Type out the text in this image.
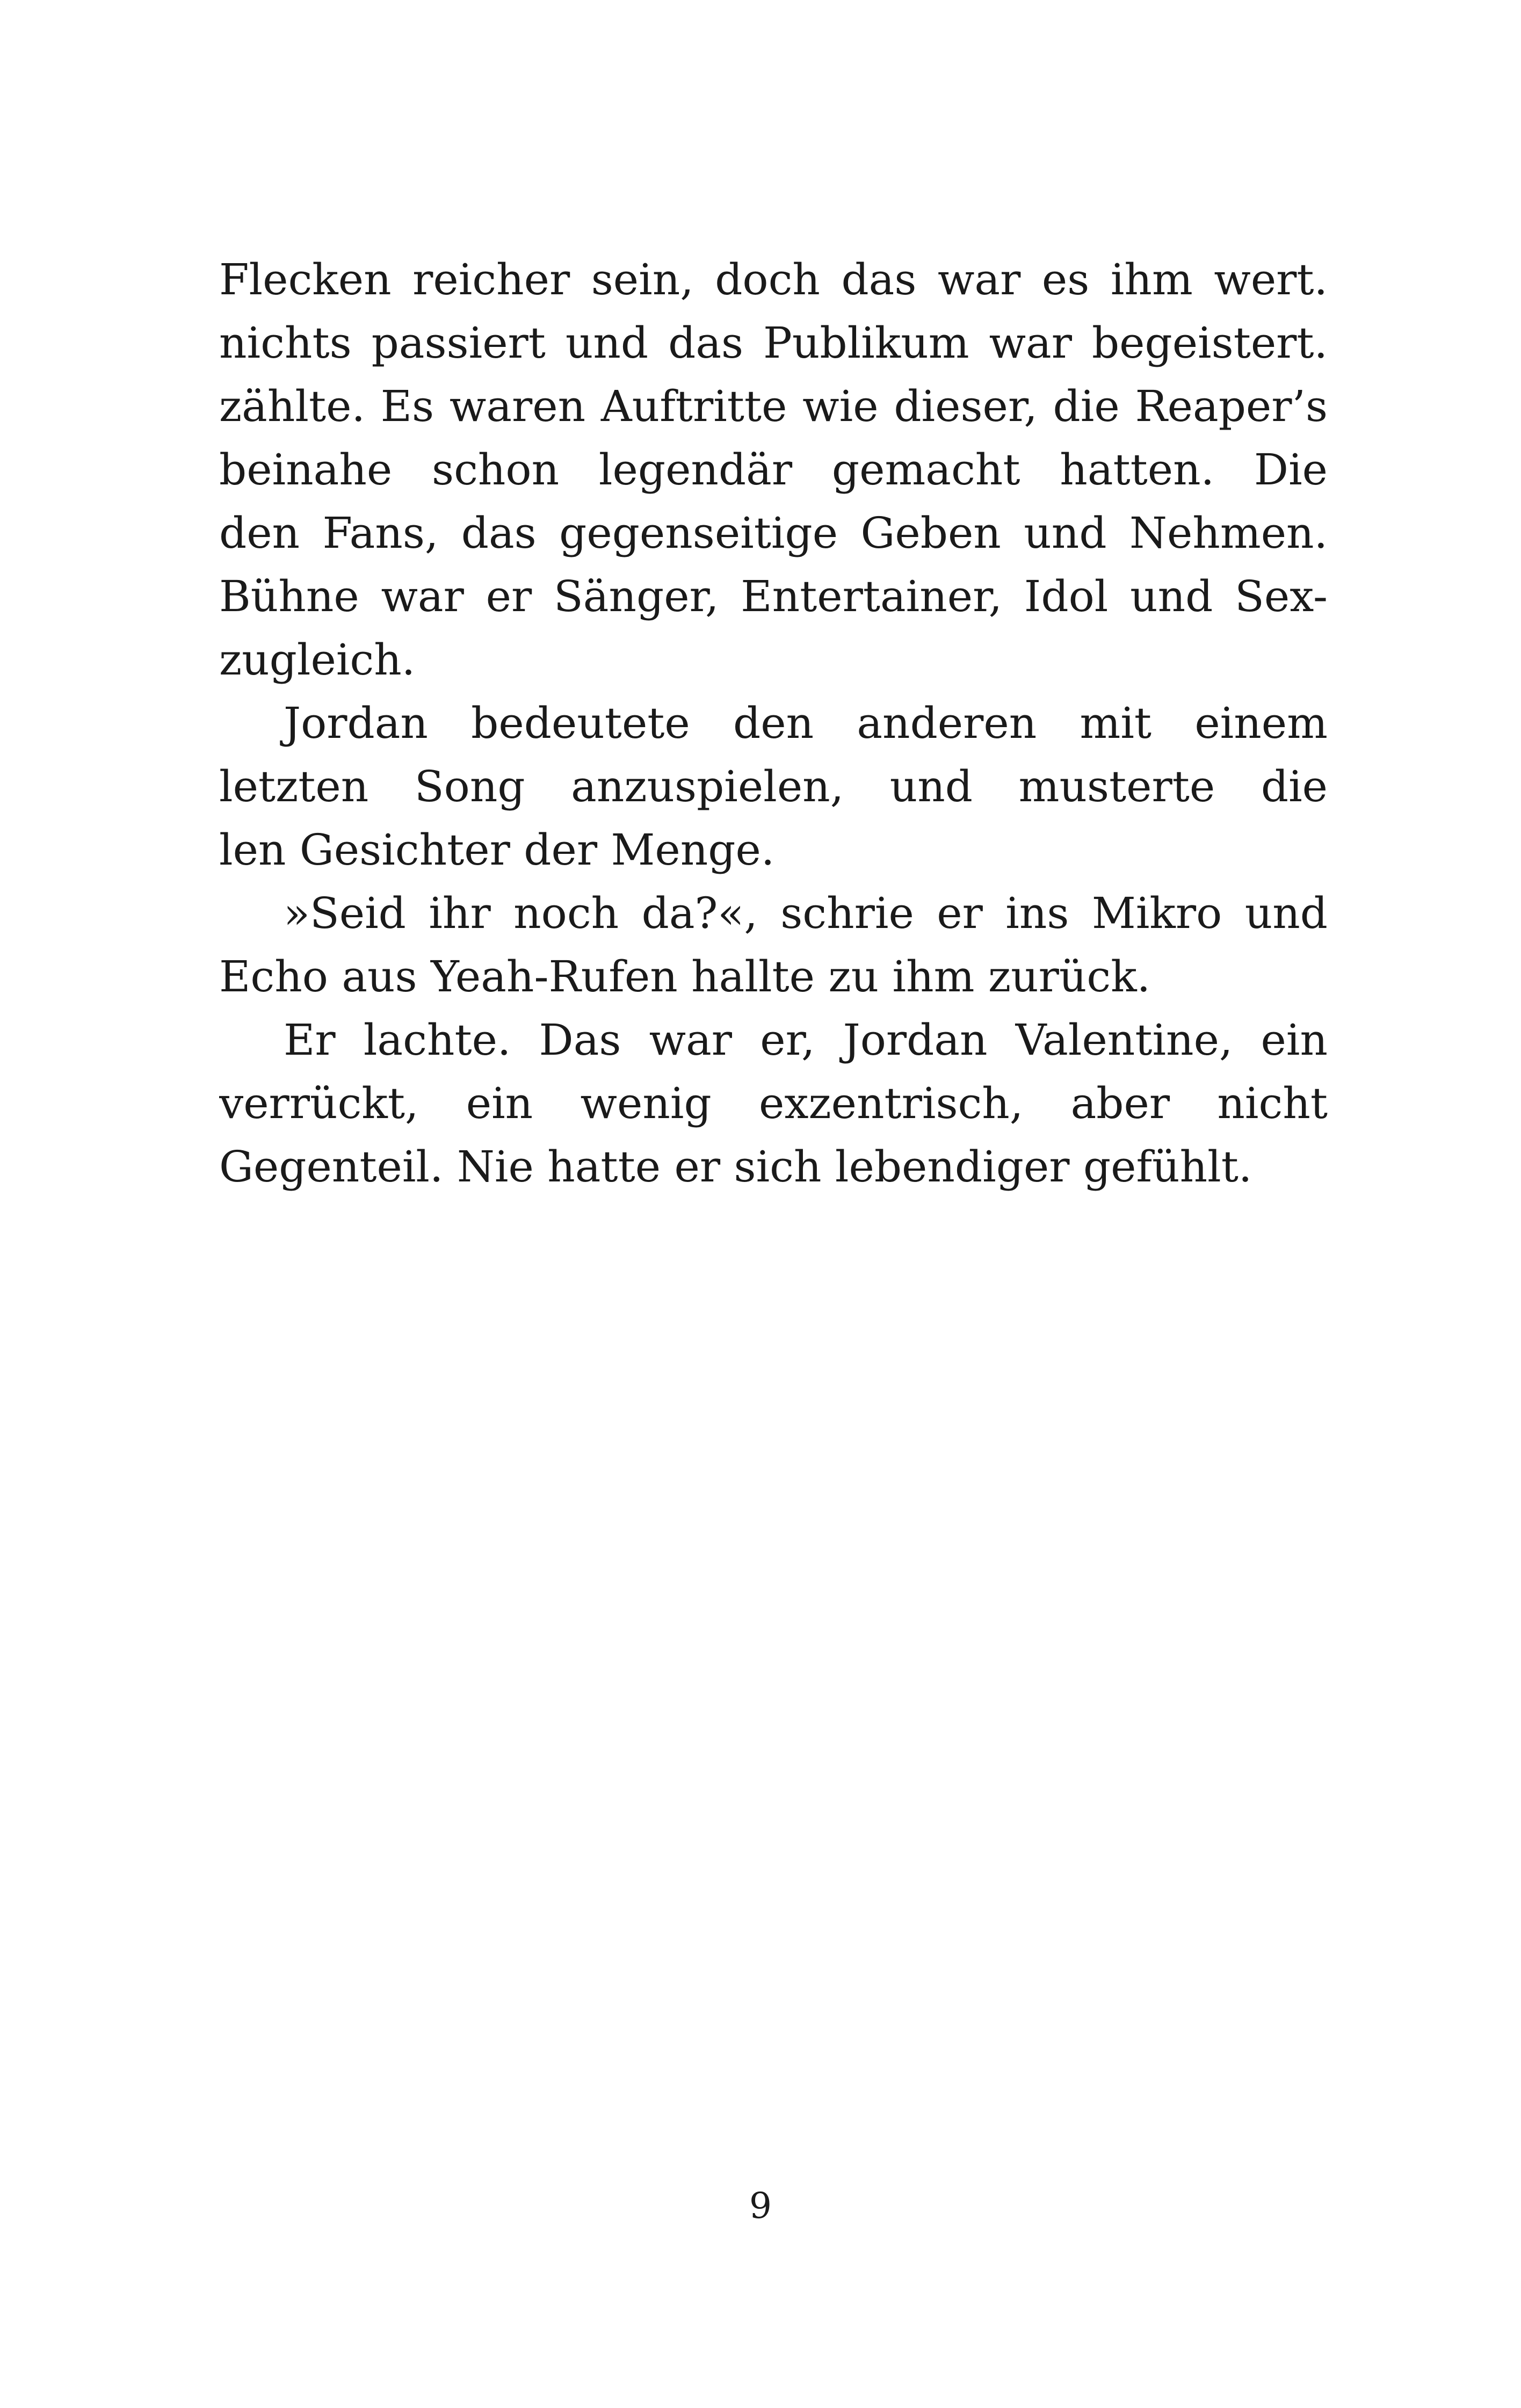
Flecken reicher sein, doch das war es ihm wert.
nichts passiert und das Publikum war begeistert.
zählte. Es waren Auftritte wie dieser, die Reaper’s
beinahe schon legendär gemacht hatten. Die
den Fans, das gegenseitige Geben und Nehmen.
Bühne war er Sänger, Entertainer, Idol und Sex-
zugleich.
Jordan bedeutete den anderen mit einem
letzten Song anzuspielen, und musterte die
len Gesichter der Menge.
»Seid ihr noch da?«, schrie er ins Mikro und
Echo aus Yeah-Rufen hallte zu ihm zurück.
Er lachte. Das war er, Jordan Valentine, ein
verrückt, ein wenig exzentrisch, aber nicht
Gegenteil. Nie hatte er sich lebendiger gefühlt.
9
